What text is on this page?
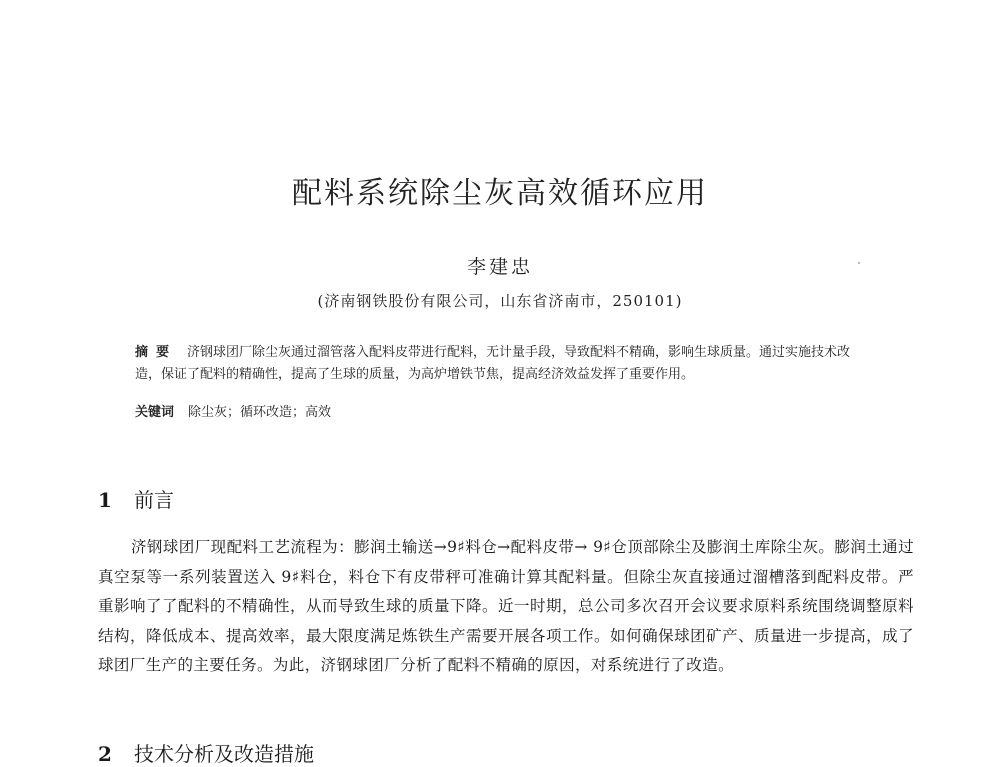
配料系统除尘灰高效循环应用
李建忠
(济南钢铁股份有限公司，山东省济南市，250101)
摘要 济钢球团厂除尘灰通过溜管落入配料皮带进行配料，无计量手段，导致配料不精确，影响生球质量。通过实施技术改造，保证了配料的精确性，提高了生球的质量，为高炉增铁节焦，提高经济效益发挥了重要作用。
关键词 除尘灰；循环改造；高效
1 前言
济钢球团厂现配料工艺流程为：膨润土输送→9♯料仓→配料皮带→ 9♯仓顶部除尘及膨润土库除尘灰。膨润土通过真空泵等一系列装置送入 9♯料仓，料仓下有皮带秤可准确计算其配料量。但除尘灰直接通过溜槽落到配料皮带。严重影响了了配料的不精确性，从而导致生球的质量下降。近一时期，总公司多次召开会议要求原料系统围绕调整原料结构，降低成本、提高效率，最大限度满足炼铁生产需要开展各项工作。如何确保球团矿产、质量进一步提高，成了球团厂生产的主要任务。为此，济钢球团厂分析了配料不精确的原因，对系统进行了改造。
2 技术分析及改造措施
